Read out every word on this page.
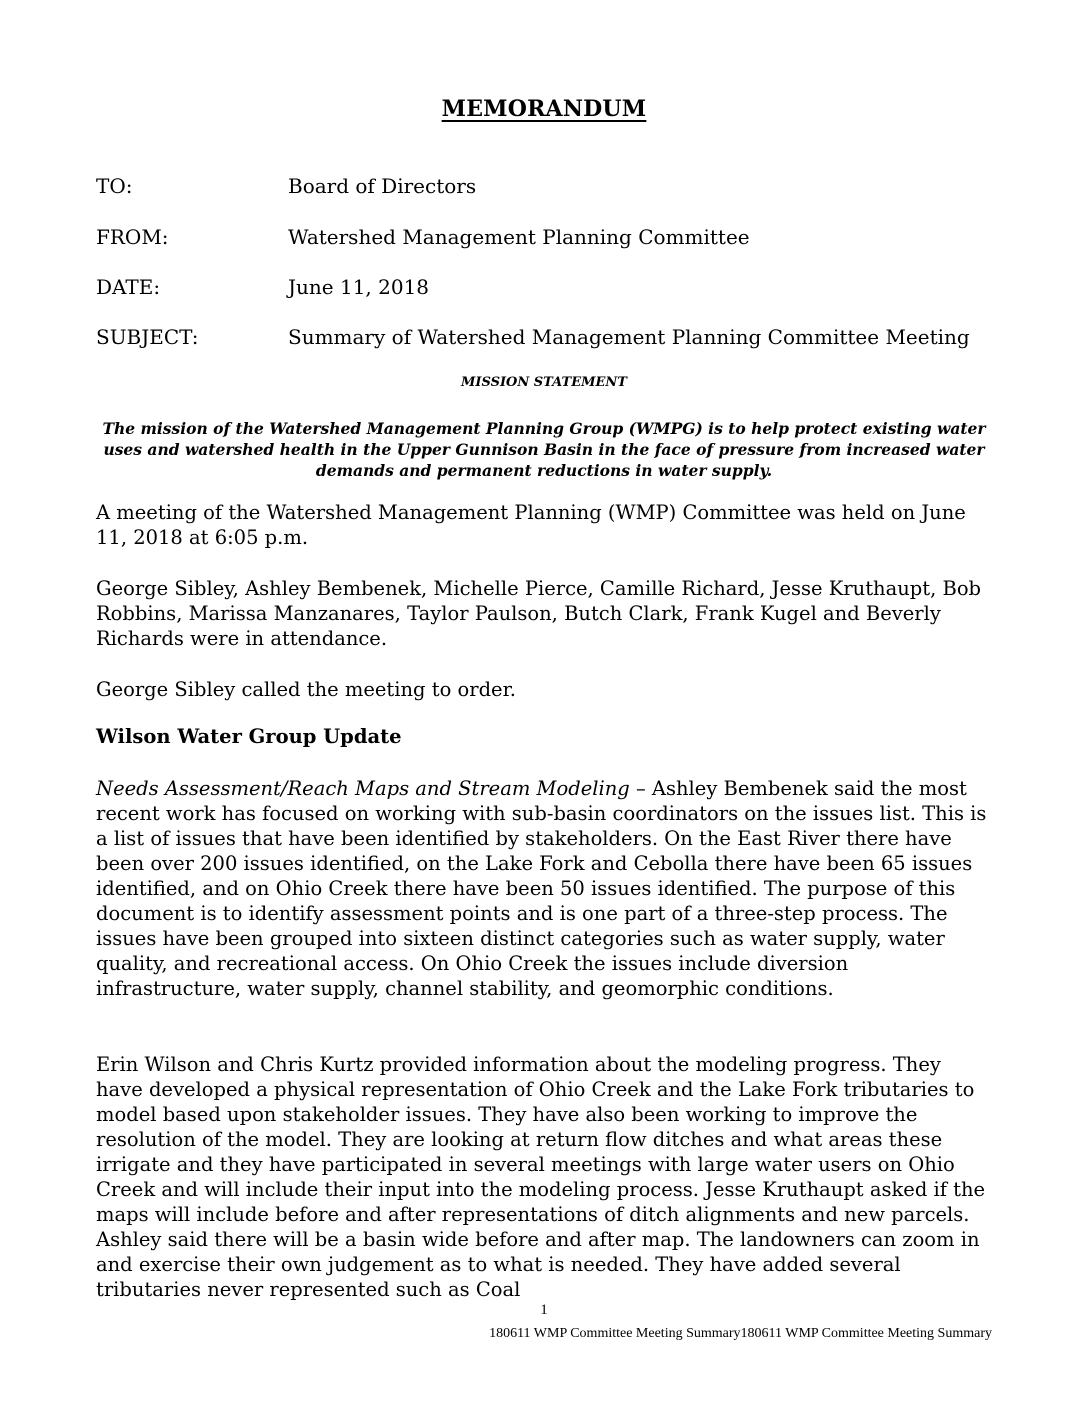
MEMORANDUM
TO:	Board of Directors
FROM:	Watershed Management Planning Committee
DATE:	June 11, 2018
SUBJECT:	Summary of Watershed Management Planning Committee Meeting
MISSION STATEMENT
The mission of the Watershed Management Planning Group (WMPG) is to help protect existing water uses and watershed health in the Upper Gunnison Basin in the face of pressure from increased water demands and permanent reductions in water supply.

A meeting of the Watershed Management Planning (WMP) Committee was held on June 11, 2018 at 6:05 p.m.

George Sibley, Ashley Bembenek, Michelle Pierce, Camille Richard, Jesse Kruthaupt, Bob Robbins, Marissa Manzanares, Taylor Paulson, Butch Clark, Frank Kugel and Beverly Richards were in attendance.

George Sibley called the meeting to order.

Wilson Water Group Update

Needs Assessment/Reach Maps and Stream Modeling – Ashley Bembenek said the most recent work has focused on working with sub-basin coordinators on the issues list. This is a list of issues that have been identified by stakeholders. On the East River there have been over 200 issues identified, on the Lake Fork and Cebolla there have been 65 issues identified, and on Ohio Creek there have been 50 issues identified. The purpose of this document is to identify assessment points and is one part of a three-step process. The issues have been grouped into sixteen distinct categories such as water supply, water quality, and recreational access. On Ohio Creek the issues include diversion infrastructure, water supply, channel stability, and geomorphic conditions.

Erin Wilson and Chris Kurtz provided information about the modeling progress. They have developed a physical representation of Ohio Creek and the Lake Fork tributaries to model based upon stakeholder issues. They have also been working to improve the resolution of the model. They are looking at return flow ditches and what areas these irrigate and they have participated in several meetings with large water users on Ohio Creek and will include their input into the modeling process. Jesse Kruthaupt asked if the maps will include before and after representations of ditch alignments and new parcels. Ashley said there will be a basin wide before and after map. The landowners can zoom in and exercise their own judgement as to what is needed. They have added several tributaries never represented such as Coal

1
180611 WMP Committee Meeting Summary180611 WMP Committee Meeting Summary
